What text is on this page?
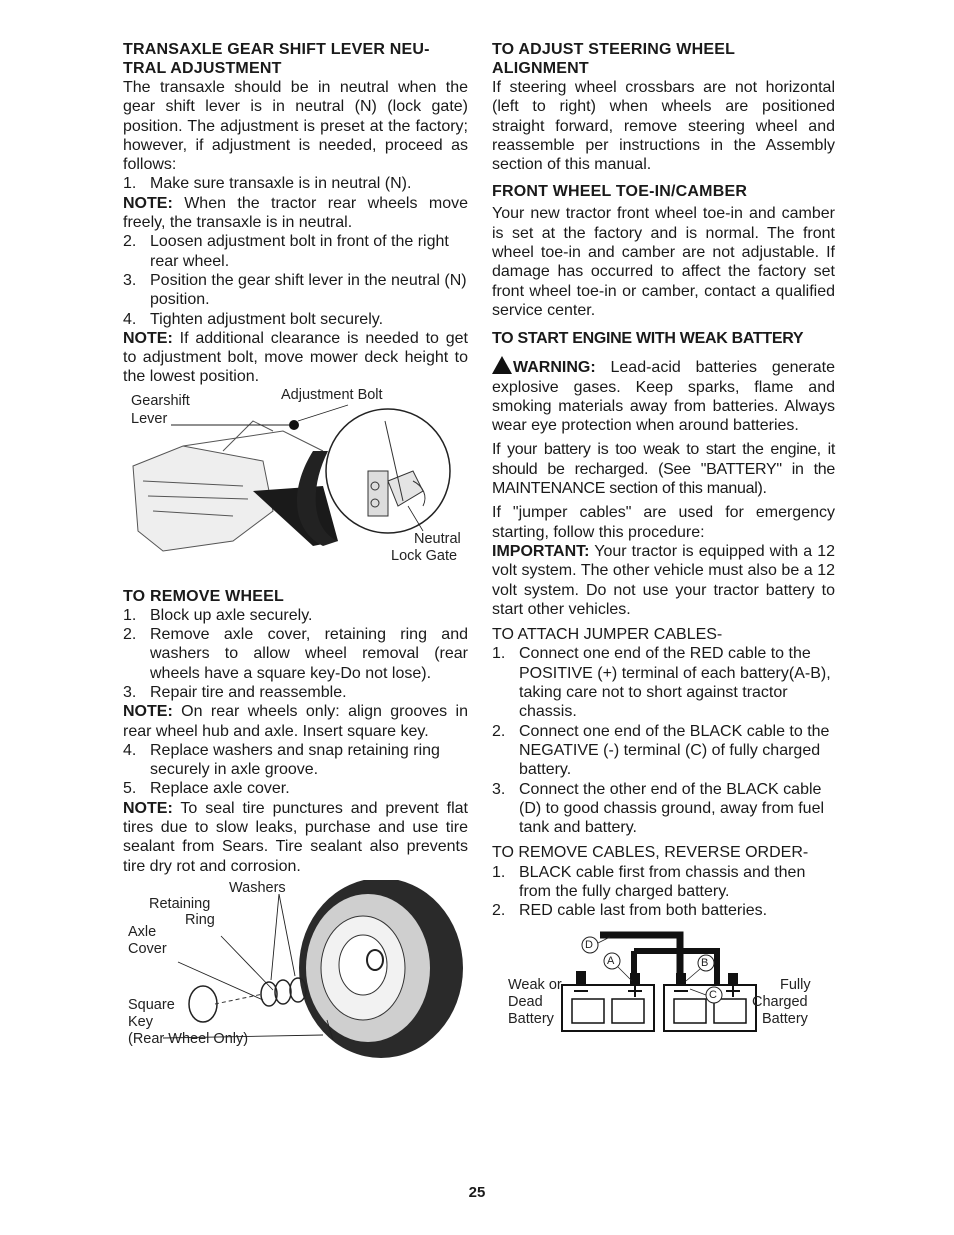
TRANSAXLE GEAR SHIFT LEVER NEU-TRAL ADJUSTMENT

The transaxle should be in neutral when the gear shift lever is in neutral (N) (lock gate) position. The adjustment is preset at the factory; however, if adjustment is needed, proceed as follows:

1. Make sure transaxle is in neutral (N).

NOTE: When the tractor rear wheels move freely, the transaxle is in neutral.

2. Loosen adjustment bolt in front of the right rear wheel.
3. Position the gear shift lever in the neutral (N) position.
4. Tighten adjustment bolt securely.

NOTE: If additional clearance is needed to get to adjustment bolt, move mower deck height to the lowest position.

Gearshift
Lever
Adjustment Bolt
Neutral
Lock Gate
TO REMOVE WHEEL
1. Block up axle securely.
2. Remove axle cover, retaining ring and washers to allow wheel removal (rear wheels have a square key-Do not lose).
3. Repair tire and reassemble.

NOTE: On rear wheels only: align grooves in rear wheel hub and axle. Insert square key.

4. Replace washers and snap retaining ring securely in axle groove.
5. Replace axle cover.

NOTE: To seal tire punctures and prevent flat tires due to slow leaks, purchase and use tire sealant from Sears. Tire sealant also prevents tire dry rot and corrosion.

Washers
Retaining
Ring
Axle
Cover
Square
Key
(Rear Wheel Only)
TO ADJUST STEERING WHEEL ALIGNMENT

If steering wheel crossbars are not horizontal (left to right) when wheels are positioned straight forward, remove steering wheel and reassemble per instructions in the Assembly section of this manual.

FRONT WHEEL TOE-IN/CAMBER

Your new tractor front wheel toe-in and camber is set at the factory and is normal. The front wheel toe-in and camber are not adjustable. If damage has occurred to affect the factory set front wheel toe-in or camber, contact a qualified service center.

TO START ENGINE WITH WEAK BATTERY

WARNING: Lead-acid batteries generate explosive gases. Keep sparks, flame and smoking materials away from batteries. Always wear eye protection when around batteries.

If your battery is too weak to start the engine, it should be recharged. (See "BATTERY" in the MAINTENANCE section of this manual).

If "jumper cables" are used for emergency starting, follow this procedure:

IMPORTANT: Your tractor is equipped with a 12 volt system. The other vehicle must also be a 12 volt system. Do not use your tractor battery to start other vehicles.

TO ATTACH JUMPER CABLES-
1. Connect one end of the RED cable to the POSITIVE (+) terminal of each battery(A-B), taking care not to short against tractor chassis.
2. Connect one end of the BLACK cable to the NEGATIVE (-) terminal (C) of fully charged battery.
3. Connect the other end of the BLACK cable (D) to good chassis ground, away from fuel tank and battery.
TO REMOVE CABLES, REVERSE ORDER-
1. BLACK cable first from chassis and then from the fully charged battery.
2. RED cable last from both batteries.
D
A	B
C
Weak or
Dead
Battery
Fully
Charged
Battery
25
